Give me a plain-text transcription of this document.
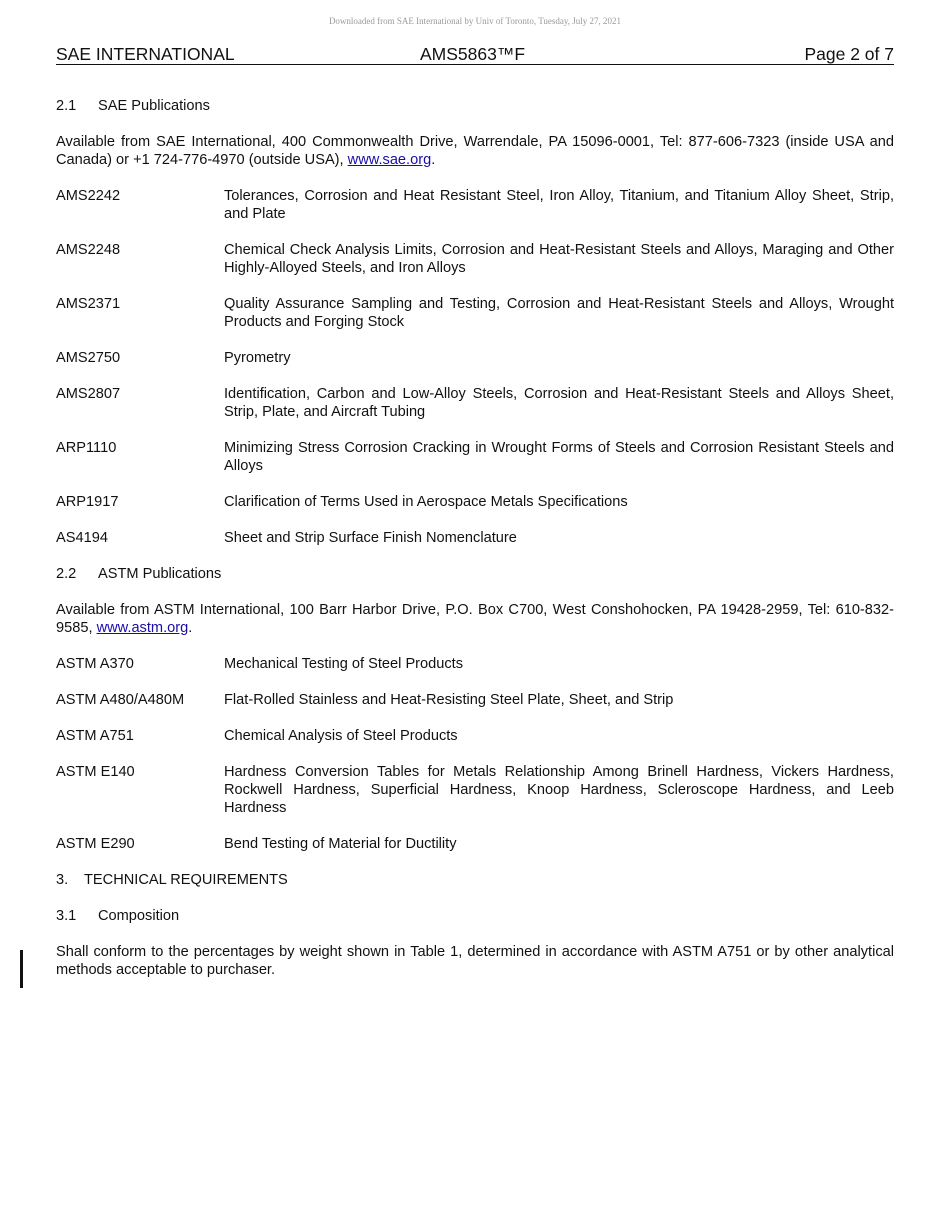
Downloaded from SAE International by Univ of Toronto, Tuesday, July 27, 2021
SAE INTERNATIONAL	AMS5863™F	Page 2 of 7
2.1 SAE Publications
Available from SAE International, 400 Commonwealth Drive, Warrendale, PA 15096-0001, Tel: 877-606-7323 (inside USA and Canada) or +1 724-776-4970 (outside USA), www.sae.org.
AMS2242	Tolerances, Corrosion and Heat Resistant Steel, Iron Alloy, Titanium, and Titanium Alloy Sheet, Strip, and Plate
AMS2248	Chemical Check Analysis Limits, Corrosion and Heat-Resistant Steels and Alloys, Maraging and Other Highly-Alloyed Steels, and Iron Alloys
AMS2371	Quality Assurance Sampling and Testing, Corrosion and Heat-Resistant Steels and Alloys, Wrought Products and Forging Stock
AMS2750	Pyrometry
AMS2807	Identification, Carbon and Low-Alloy Steels, Corrosion and Heat-Resistant Steels and Alloys Sheet, Strip, Plate, and Aircraft Tubing
ARP1110	Minimizing Stress Corrosion Cracking in Wrought Forms of Steels and Corrosion Resistant Steels and Alloys
ARP1917	Clarification of Terms Used in Aerospace Metals Specifications
AS4194	Sheet and Strip Surface Finish Nomenclature
2.2 ASTM Publications
Available from ASTM International, 100 Barr Harbor Drive, P.O. Box C700, West Conshohocken, PA 19428-2959, Tel: 610-832-9585, www.astm.org.
ASTM A370	Mechanical Testing of Steel Products
ASTM A480/A480M	Flat-Rolled Stainless and Heat-Resisting Steel Plate, Sheet, and Strip
ASTM A751	Chemical Analysis of Steel Products
ASTM E140	Hardness Conversion Tables for Metals Relationship Among Brinell Hardness, Vickers Hardness, Rockwell Hardness, Superficial Hardness, Knoop Hardness, Scleroscope Hardness, and Leeb Hardness
ASTM E290	Bend Testing of Material for Ductility
3. TECHNICAL REQUIREMENTS
3.1 Composition
Shall conform to the percentages by weight shown in Table 1, determined in accordance with ASTM A751 or by other analytical methods acceptable to purchaser.
